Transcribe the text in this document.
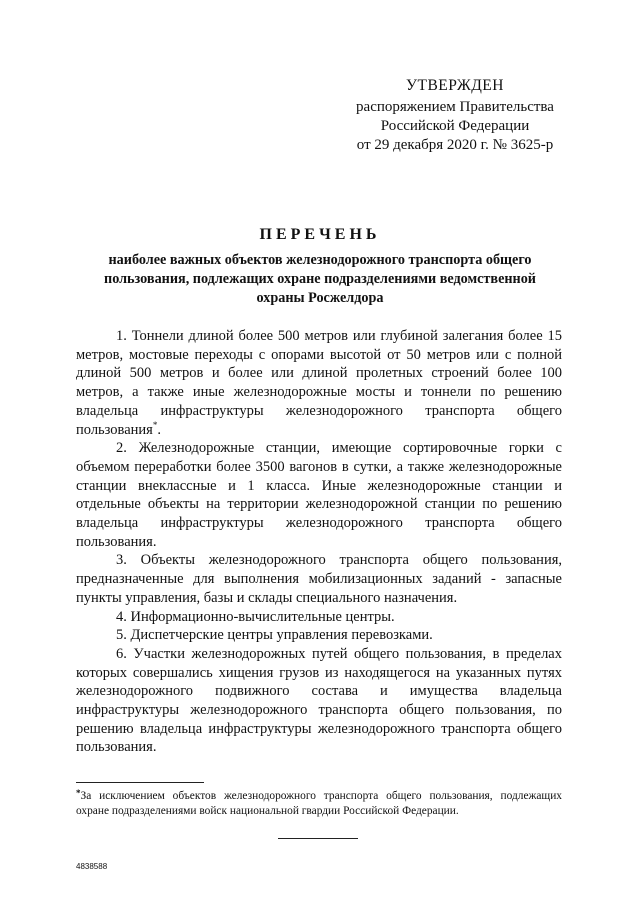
УТВЕРЖДЕН
распоряжением Правительства
Российской Федерации
от 29 декабря 2020 г. № 3625-р
ПЕРЕЧЕНЬ
наиболее важных объектов железнодорожного транспорта общего пользования, подлежащих охране подразделениями ведомственной охраны Росжелдора

1. Тоннели длиной более 500 метров или глубиной залегания более 15 метров, мостовые переходы с опорами высотой от 50 метров или с полной длиной 500 метров и более или длиной пролетных строений более 100 метров, а также иные железнодорожные мосты и тоннели по решению владельца инфраструктуры железнодорожного транспорта общего пользования*.

2. Железнодорожные станции, имеющие сортировочные горки с объемом переработки более 3500 вагонов в сутки, а также железнодорожные станции внеклассные и 1 класса. Иные железнодорожные станции и отдельные объекты на территории железнодорожной станции по решению владельца инфраструктуры железнодорожного транспорта общего пользования.

3. Объекты железнодорожного транспорта общего пользования, предназначенные для выполнения мобилизационных заданий - запасные пункты управления, базы и склады специального назначения.

4. Информационно-вычислительные центры.

5. Диспетчерские центры управления перевозками.

6. Участки железнодорожных путей общего пользования, в пределах которых совершались хищения грузов из находящегося на указанных путях железнодорожного подвижного состава и имущества владельца инфраструктуры железнодорожного транспорта общего пользования, по решению владельца инфраструктуры железнодорожного транспорта общего пользования.

*За исключением объектов железнодорожного транспорта общего пользования, подлежащих охране подразделениями войск национальной гвардии Российской Федерации.
4838588
